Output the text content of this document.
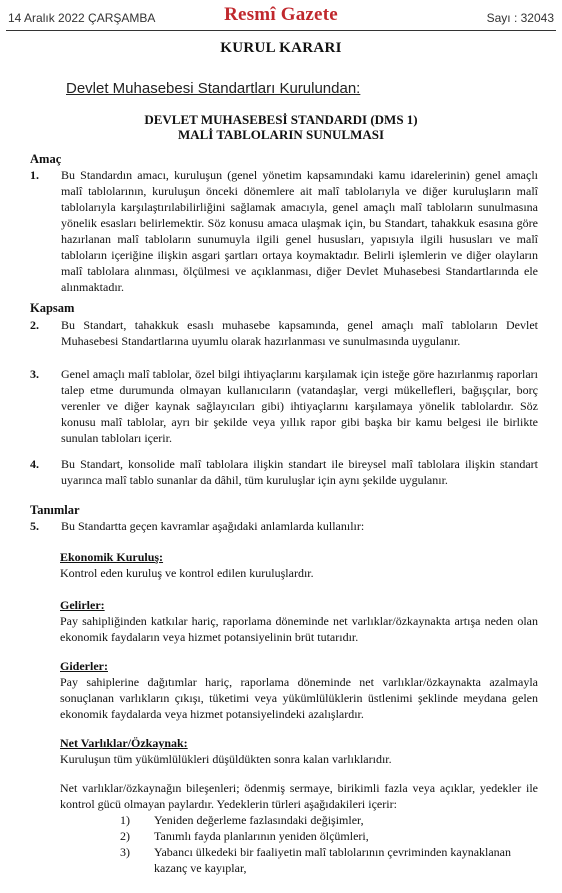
14 Aralık 2022 ÇARŞAMBA	Resmî Gazete	Sayı : 32043
KURUL KARARI
Devlet Muhasebesi Standartları Kurulundan:
DEVLET MUHASEBESİ STANDARDI (DMS 1)
MALİ TABLOLARIN SUNULMASI
Amaç
1. Bu Standardın amacı, kuruluşun (genel yönetim kapsamındaki kamu idarelerinin) genel amaçlı malî tablolarının, kuruluşun önceki dönemlere ait malî tablolarıyla ve diğer kuruluşların malî tablolarıyla karşılaştırılabilirliğini sağlamak amacıyla, genel amaçlı malî tabloların sunulmasına yönelik esasları belirlemektir. Söz konusu amaca ulaşmak için, bu Standart, tahakkuk esasına göre hazırlanan malî tabloların sunumuyla ilgili genel hususları, yapısıyla ilgili hususları ve malî tabloların içeriğine ilişkin asgari şartları ortaya koymaktadır. Belirli işlemlerin ve diğer olayların malî tablolara alınması, ölçülmesi ve açıklanması, diğer Devlet Muhasebesi Standartlarında ele alınmaktadır.
Kapsam
2. Bu Standart, tahakkuk esaslı muhasebe kapsamında, genel amaçlı malî tabloların Devlet Muhasebesi Standartlarına uyumlu olarak hazırlanması ve sunulmasında uygulanır.
3. Genel amaçlı malî tablolar, özel bilgi ihtiyaçlarını karşılamak için isteğe göre hazırlanmış raporları talep etme durumunda olmayan kullanıcıların (vatandaşlar, vergi mükellefleri, bağışçılar, borç verenler ve diğer kaynak sağlayıcıları gibi) ihtiyaçlarını karşılamaya yönelik tablolardır. Söz konusu malî tablolar, ayrı bir şekilde veya yıllık rapor gibi başka bir kamu belgesi ile birlikte sunulan tabloları içerir.
4. Bu Standart, konsolide malî tablolara ilişkin standart ile bireysel malî tablolara ilişkin standart uyarınca malî tablo sunanlar da dâhil, tüm kuruluşlar için aynı şekilde uygulanır.
Tanımlar
5. Bu Standartta geçen kavramlar aşağıdaki anlamlarda kullanılır:
Ekonomik Kuruluş:
Kontrol eden kuruluş ve kontrol edilen kuruluşlardır.
Gelirler:
Pay sahipliğinden katkılar hariç, raporlama döneminde net varlıklar/özkaynakta artışa neden olan ekonomik faydaların veya hizmet potansiyelinin brüt tutarıdır.
Giderler:
Pay sahiplerine dağıtımlar hariç, raporlama döneminde net varlıklar/özkaynakta azalmayla sonuçlanan varlıkların çıkışı, tüketimi veya yükümlülüklerin üstlenimi şeklinde meydana gelen ekonomik faydalarda veya hizmet potansiyelindeki azalışlardır.
Net Varlıklar/Özkaynak:
Kuruluşun tüm yükümlülükleri düşüldükten sonra kalan varlıklarıdır.
Net varlıklar/özkaynağın bileşenleri; ödenmiş sermaye, birikimli fazla veya açıklar, yedekler ile kontrol gücü olmayan paylardır. Yedeklerin türleri aşağıdakileri içerir:
1) Yeniden değerleme fazlasındaki değişimler,
2) Tanımlı fayda planlarının yeniden ölçümleri,
3) Yabancı ülkedeki bir faaliyetin malî tablolarının çevriminden kaynaklanan kazanç ve kayıplar,
